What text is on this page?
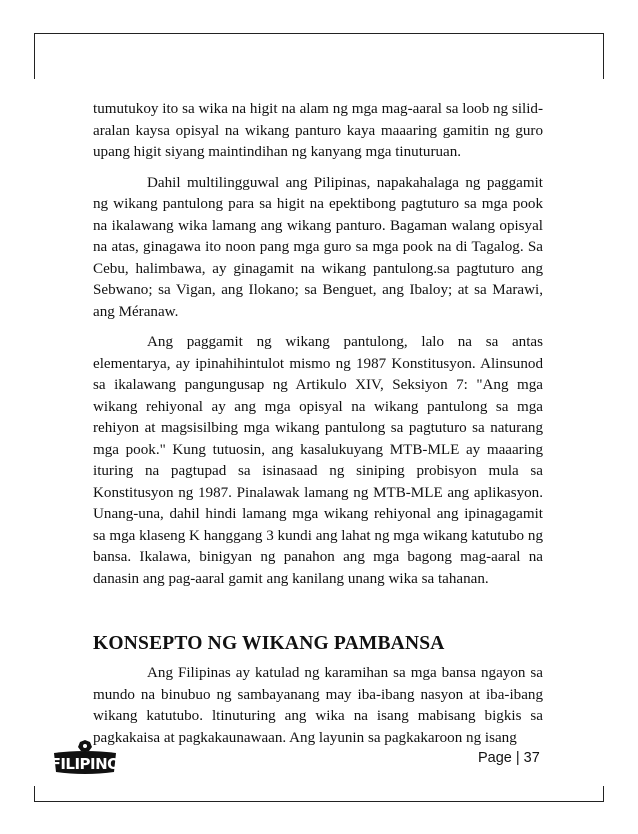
tumutukoy ito sa wika na higit na alam ng mga mag-aaral sa loob ng silid-aralan kaysa opisyal na wikang panturo kaya maaaring gamitin ng guro upang higit siyang maintindihan ng kanyang mga tinuturuan.

Dahil multilingguwal ang Pilipinas, napakahalaga ng paggamit ng wikang pantulong para sa higit na epektibong pagtuturo sa mga pook na ikalawang wika lamang ang wikang panturo. Bagaman walang opisyal na atas, ginagawa ito noon pang mga guro sa mga pook na di Tagalog. Sa Cebu, halimbawa, ay ginagamit na wikang pantulong.sa pagtuturo ang Sebwano; sa Vigan, ang Ilokano; sa Benguet, ang Ibaloy; at sa Marawi, ang Méranaw.

Ang paggamit ng wikang pantulong, lalo na sa antas elementarya, ay ipinahihintulot mismo ng 1987 Konstitusyon. Alinsunod sa ikalawang pangungusap ng Artikulo XIV, Seksiyon 7: "Ang mga wikang rehiyonal ay ang mga opisyal na wikang pantulong sa mga rehiyon at magsisilbing mga wikang pantulong sa pagtuturo sa naturang mga pook." Kung tutuosin, ang kasalukuyang MTB-MLE ay maaaring ituring na pagtupad sa isinasaad ng siniping probisyon mula sa Konstitusyon ng 1987. Pinalawak lamang ng MTB-MLE ang aplikasyon. Unang-una, dahil hindi lamang mga wikang rehiyonal ang ipinagagamit sa mga klaseng K hanggang 3 kundi ang lahat ng mga wikang katutubo ng bansa. Ikalawa, binigyan ng panahon ang mga bagong mag-aaral na danasin ang pag-aaral gamit ang kanilang unang wika sa tahanan.

KONSEPTO NG WIKANG PAMBANSA

Ang Filipinas ay katulad ng karamihan sa mga bansa ngayon sa mundo na binubuo ng sambayanang may iba-ibang nasyon at iba-ibang wikang katutubo. ltinuturing ang wika na isang mabisang bigkis sa pagkakaisa at pagkakaunawaan. Ang layunin sa pagkakaroon ng isang

FILIPINO	Page | 37
